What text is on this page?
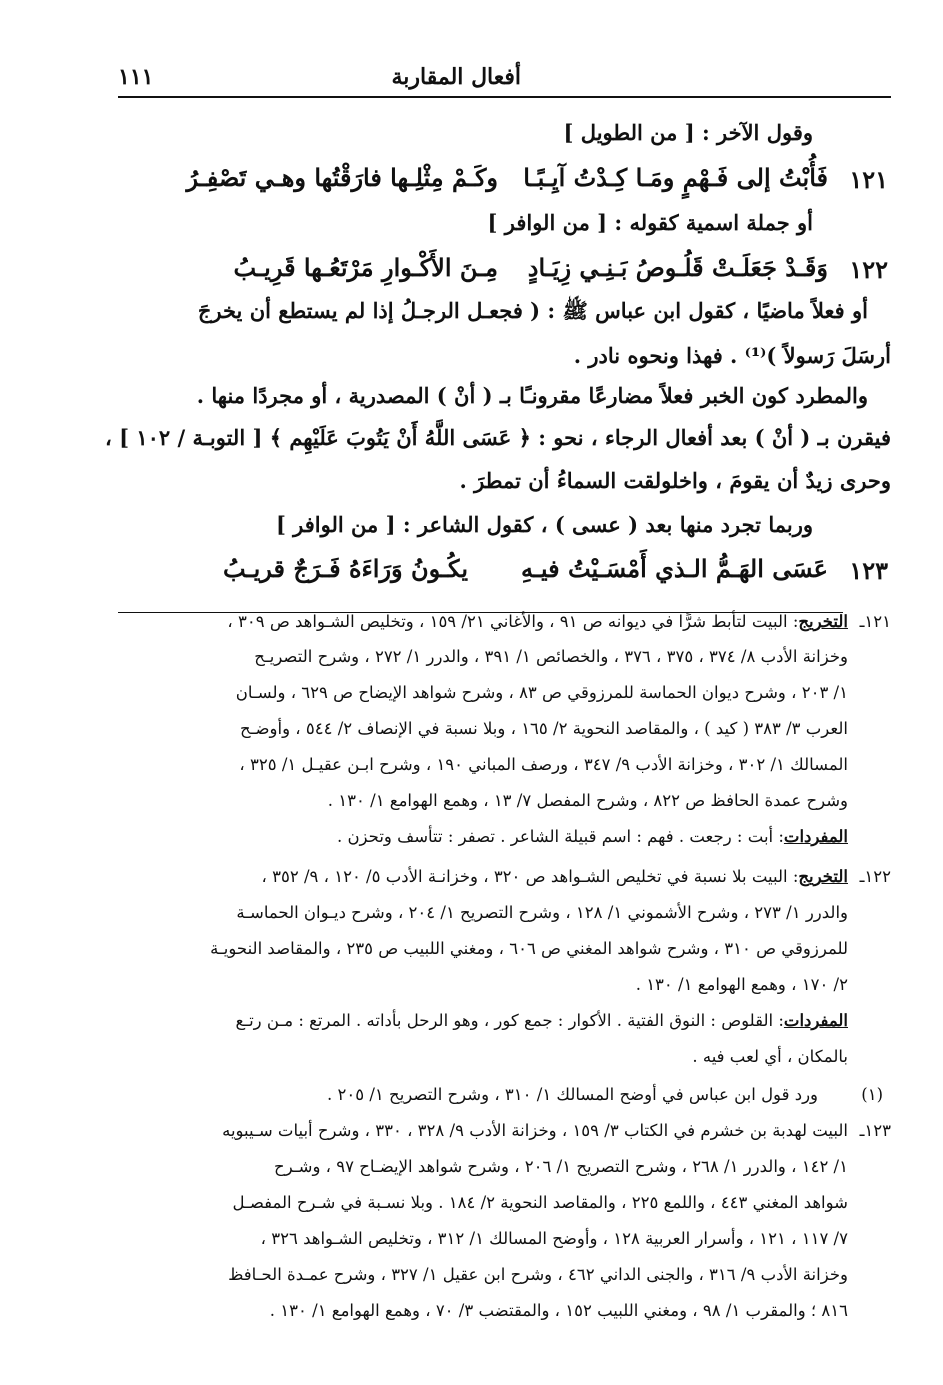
أفعال المقاربة
١١١
وقول الآخر : [ من الطويل ]
١٢١
فَأُبْتُ إلى فَـهْمٍ ومَـا كِـدْتُ آيِـبًـا
وكَـمْ مِثْلِـها فارَقْتُها وهـي تَصْفِـرُ
أو جملة اسمية كقوله : [ من الوافر ]
١٢٢
وَقَـدْ جَعَلَـتْ قَلُـوصُ بَـنِـي زِيَـادٍ
مِـنَ الأَكْـوارِ مَرْتَعُـها قَرِيـبُ
أو فعلاً ماضيًا ، كقول ابن عباس ﷺ : ( فجعـل الرجـلُ إذا لم يستطع أن يخرجَ
أرسَلَ رَسولاً )⁽¹⁾ . فهذا ونحوه نادر .
والمطرد كون الخبر فعلاً مضارعًا مقرونـًا بـ ( أنْ ) المصدرية ، أو مجردًا منها .
فيقرن بـ ( أنْ ) بعد أفعال الرجاء ، نحو : ﴿ عَسَى اللَّهُ أَنْ يَتُوبَ عَلَيْهِم ﴾ [ التوبـة / ١٠٢ ] ،
وحرى زيدٌ أن يقومَ ، واخلولقت السماءُ أن تمطرَ .
وربما تجرد منها بعد ( عسى ) ، كقول الشاعر : [ من الوافر ]
١٢٣
عَسَى الهَـمُّ الـذي أَمْسَـيْتُ فيـهِ
يكُـونُ وَرَاءَهُ فَـرَجٌ قريـبُ
١٢١ـ
التخريج: البيت لتأبط شرًّا في ديوانه ص ٩١ ، والأغاني ٢١/ ١٥٩ ، وتخليص الشـواهد ص ٣٠٩ ،
وخزانة الأدب ٨/ ٣٧٤ ، ٣٧٥ ، ٣٧٦ ، والخصائص ١/ ٣٩١ ، والدرر ١/ ٢٧٢ ، وشرح التصريـح
١/ ٢٠٣ ، وشرح ديوان الحماسة للمرزوقي ص ٨٣ ، وشرح شواهد الإيضاح ص ٦٢٩ ، ولسـان
العرب ٣/ ٣٨٣ ( كيد ) ، والمقاصد النحوية ٢/ ١٦٥ ، وبلا نسبة في الإنصاف ٢/ ٥٤٤ ، وأوضـح
المسالك ١/ ٣٠٢ ، وخزانة الأدب ٩/ ٣٤٧ ، ورصف المباني ١٩٠ ، وشرح ابـن عقيـل ١/ ٣٢٥ ،
وشرح عمدة الحافظ ص ٨٢٢ ، وشرح المفصل ٧/ ١٣ ، وهمع الهوامع ١/ ١٣٠ .
المفردات: أبت : رجعت . فهم : اسم قبيلة الشاعر . تصفر : تتأسف وتحزن .
١٢٢ـ
التخريج: البيت بلا نسبة في تخليص الشـواهد ص ٣٢٠ ، وخزانـة الأدب ٥/ ١٢٠ ، ٩/ ٣٥٢ ،
والدرر ١/ ٢٧٣ ، وشرح الأشموني ١/ ١٢٨ ، وشرح التصريح ١/ ٢٠٤ ، وشرح ديـوان الحماسـة
للمرزوقي ص ٣١٠ ، وشرح شواهد المغني ص ٦٠٦ ، ومغني اللبيب ص ٢٣٥ ، والمقاصد النحويـة
٢/ ١٧٠ ، وهمع الهوامع ١/ ١٣٠ .
المفردات: القلوص : النوق الفتية . الأكوار : جمع كور ، وهو الرحل بأداته . المرتع : مـن رتـع
بالمكان ، أي لعب فيه .
(١)
ورد قول ابن عباس في أوضح المسالك ١/ ٣١٠ ، وشرح التصريح ١/ ٢٠٥ .
١٢٣ـ
البيت لهدبة بن خشرم في الكتاب ٣/ ١٥٩ ، وخزانة الأدب ٩/ ٣٢٨ ، ٣٣٠ ، وشرح أبيات سـيبويه
١/ ١٤٢ ، والدرر ١/ ٢٦٨ ، وشرح التصريح ١/ ٢٠٦ ، وشرح شواهد الإيضـاح ٩٧ ، وشـرح
شواهد المغني ٤٤٣ ، واللمع ٢٢٥ ، والمقاصد النحوية ٢/ ١٨٤ . وبلا نسـبة في شـرح المفصـل
٧/ ١١٧ ، ١٢١ ، وأسرار العربية ١٢٨ ، وأوضح المسالك ١/ ٣١٢ ، وتخليص الشـواهد ٣٢٦ ،
وخزانة الأدب ٩/ ٣١٦ ، والجنى الداني ٤٦٢ ، وشرح ابن عقيل ١/ ٣٢٧ ، وشرح عمـدة الحـافظ
٨١٦ ؛ والمقرب ١/ ٩٨ ، ومغني اللبيب ١٥٢ ، والمقتضب ٣/ ٧٠ ، وهمع الهوامع ١/ ١٣٠ .
